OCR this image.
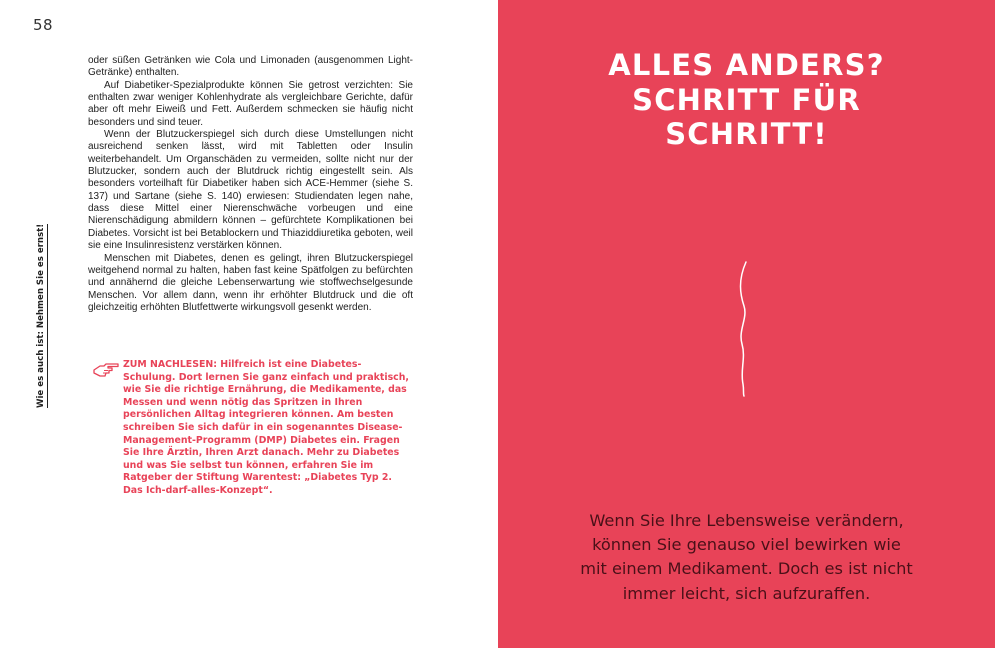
58
Wie es auch ist: Nehmen Sie es ernst!

oder süßen Getränken wie Cola und Limonaden (ausgenommen Light-Getränke) enthalten.

Auf Diabetiker-Spezialprodukte können Sie getrost verzichten: Sie enthalten zwar weniger Kohlenhydrate als vergleichbare Gerichte, dafür aber oft mehr Eiweiß und Fett. Außerdem schmecken sie häufig nicht besonders und sind teuer.

Wenn der Blutzuckerspiegel sich durch diese Umstellungen nicht ausreichend senken lässt, wird mit Tabletten oder Insulin weiterbehandelt. Um Organschäden zu vermeiden, sollte nicht nur der Blutzucker, sondern auch der Blutdruck richtig eingestellt sein. Als besonders vorteilhaft für Diabetiker haben sich ACE-Hemmer (siehe S. 137) und Sartane (siehe S. 140) erwiesen: Studiendaten legen nahe, dass diese Mittel einer Nierenschwäche vorbeugen und eine Nierenschädigung abmildern können – gefürchtete Komplikationen bei Diabetes. Vorsicht ist bei Betablockern und Thiaziddiuretika geboten, weil sie eine Insulinresistenz verstärken können.

Menschen mit Diabetes, denen es gelingt, ihren Blutzuckerspiegel weitgehend normal zu halten, haben fast keine Spätfolgen zu befürchten und annähernd die gleiche Lebenserwartung wie stoffwechselgesunde Menschen. Vor allem dann, wenn ihr erhöhter Blutdruck und die oft gleichzeitig erhöhten Blutfettwerte wirkungsvoll gesenkt werden.

ZUM NACHLESEN: Hilfreich ist eine Diabetes-Schulung. Dort lernen Sie ganz einfach und praktisch, wie Sie die richtige Ernährung, die Medikamente, das Messen und wenn nötig das Spritzen in Ihren persönlichen Alltag integrieren können. Am besten schreiben Sie sich dafür in ein sogenanntes Disease-Management-Programm (DMP) Diabetes ein. Fragen Sie Ihre Ärztin, Ihren Arzt danach. Mehr zu Diabetes und was Sie selbst tun können, erfahren Sie im Ratgeber der Stiftung Warentest: „Diabetes Typ 2. Das Ich-darf-alles-Konzept“.
ALLES ANDERS?
SCHRITT FÜR
SCHRITT!
Wenn Sie Ihre Lebensweise verändern,
können Sie genauso viel bewirken wie
mit einem Medikament. Doch es ist nicht
immer leicht, sich aufzuraffen.
